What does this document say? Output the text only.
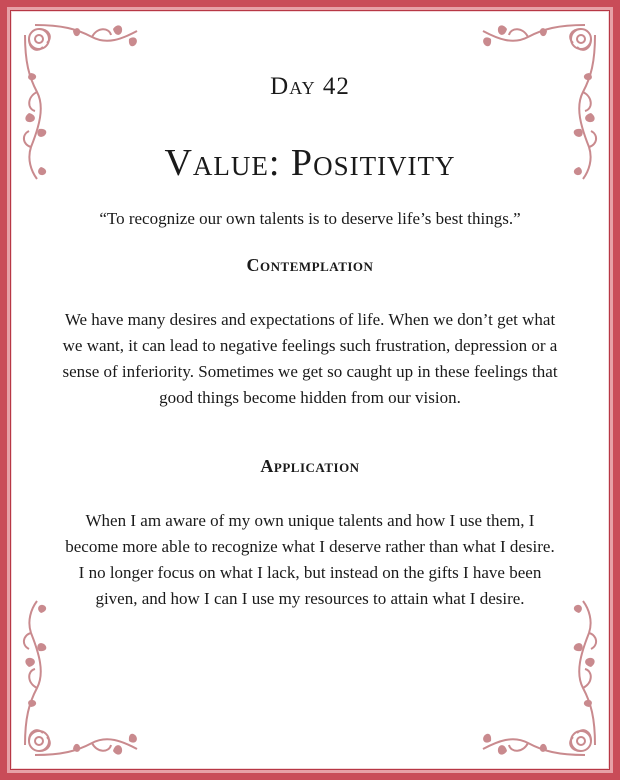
Day 42
Value: Positivity
“To recognize our own talents is to deserve life’s best things.”
Contemplation
We have many desires and expectations of life. When we don’t get what we want, it can lead to negative feelings such frustration, depression or a sense of inferiority. Sometimes we get so caught up in these feelings that good things become hidden from our vision.
Application
When I am aware of my own unique talents and how I use them, I become more able to recognize what I deserve rather than what I desire. I no longer focus on what I lack, but instead on the gifts I have been given, and how I can I use my resources to attain what I desire.
